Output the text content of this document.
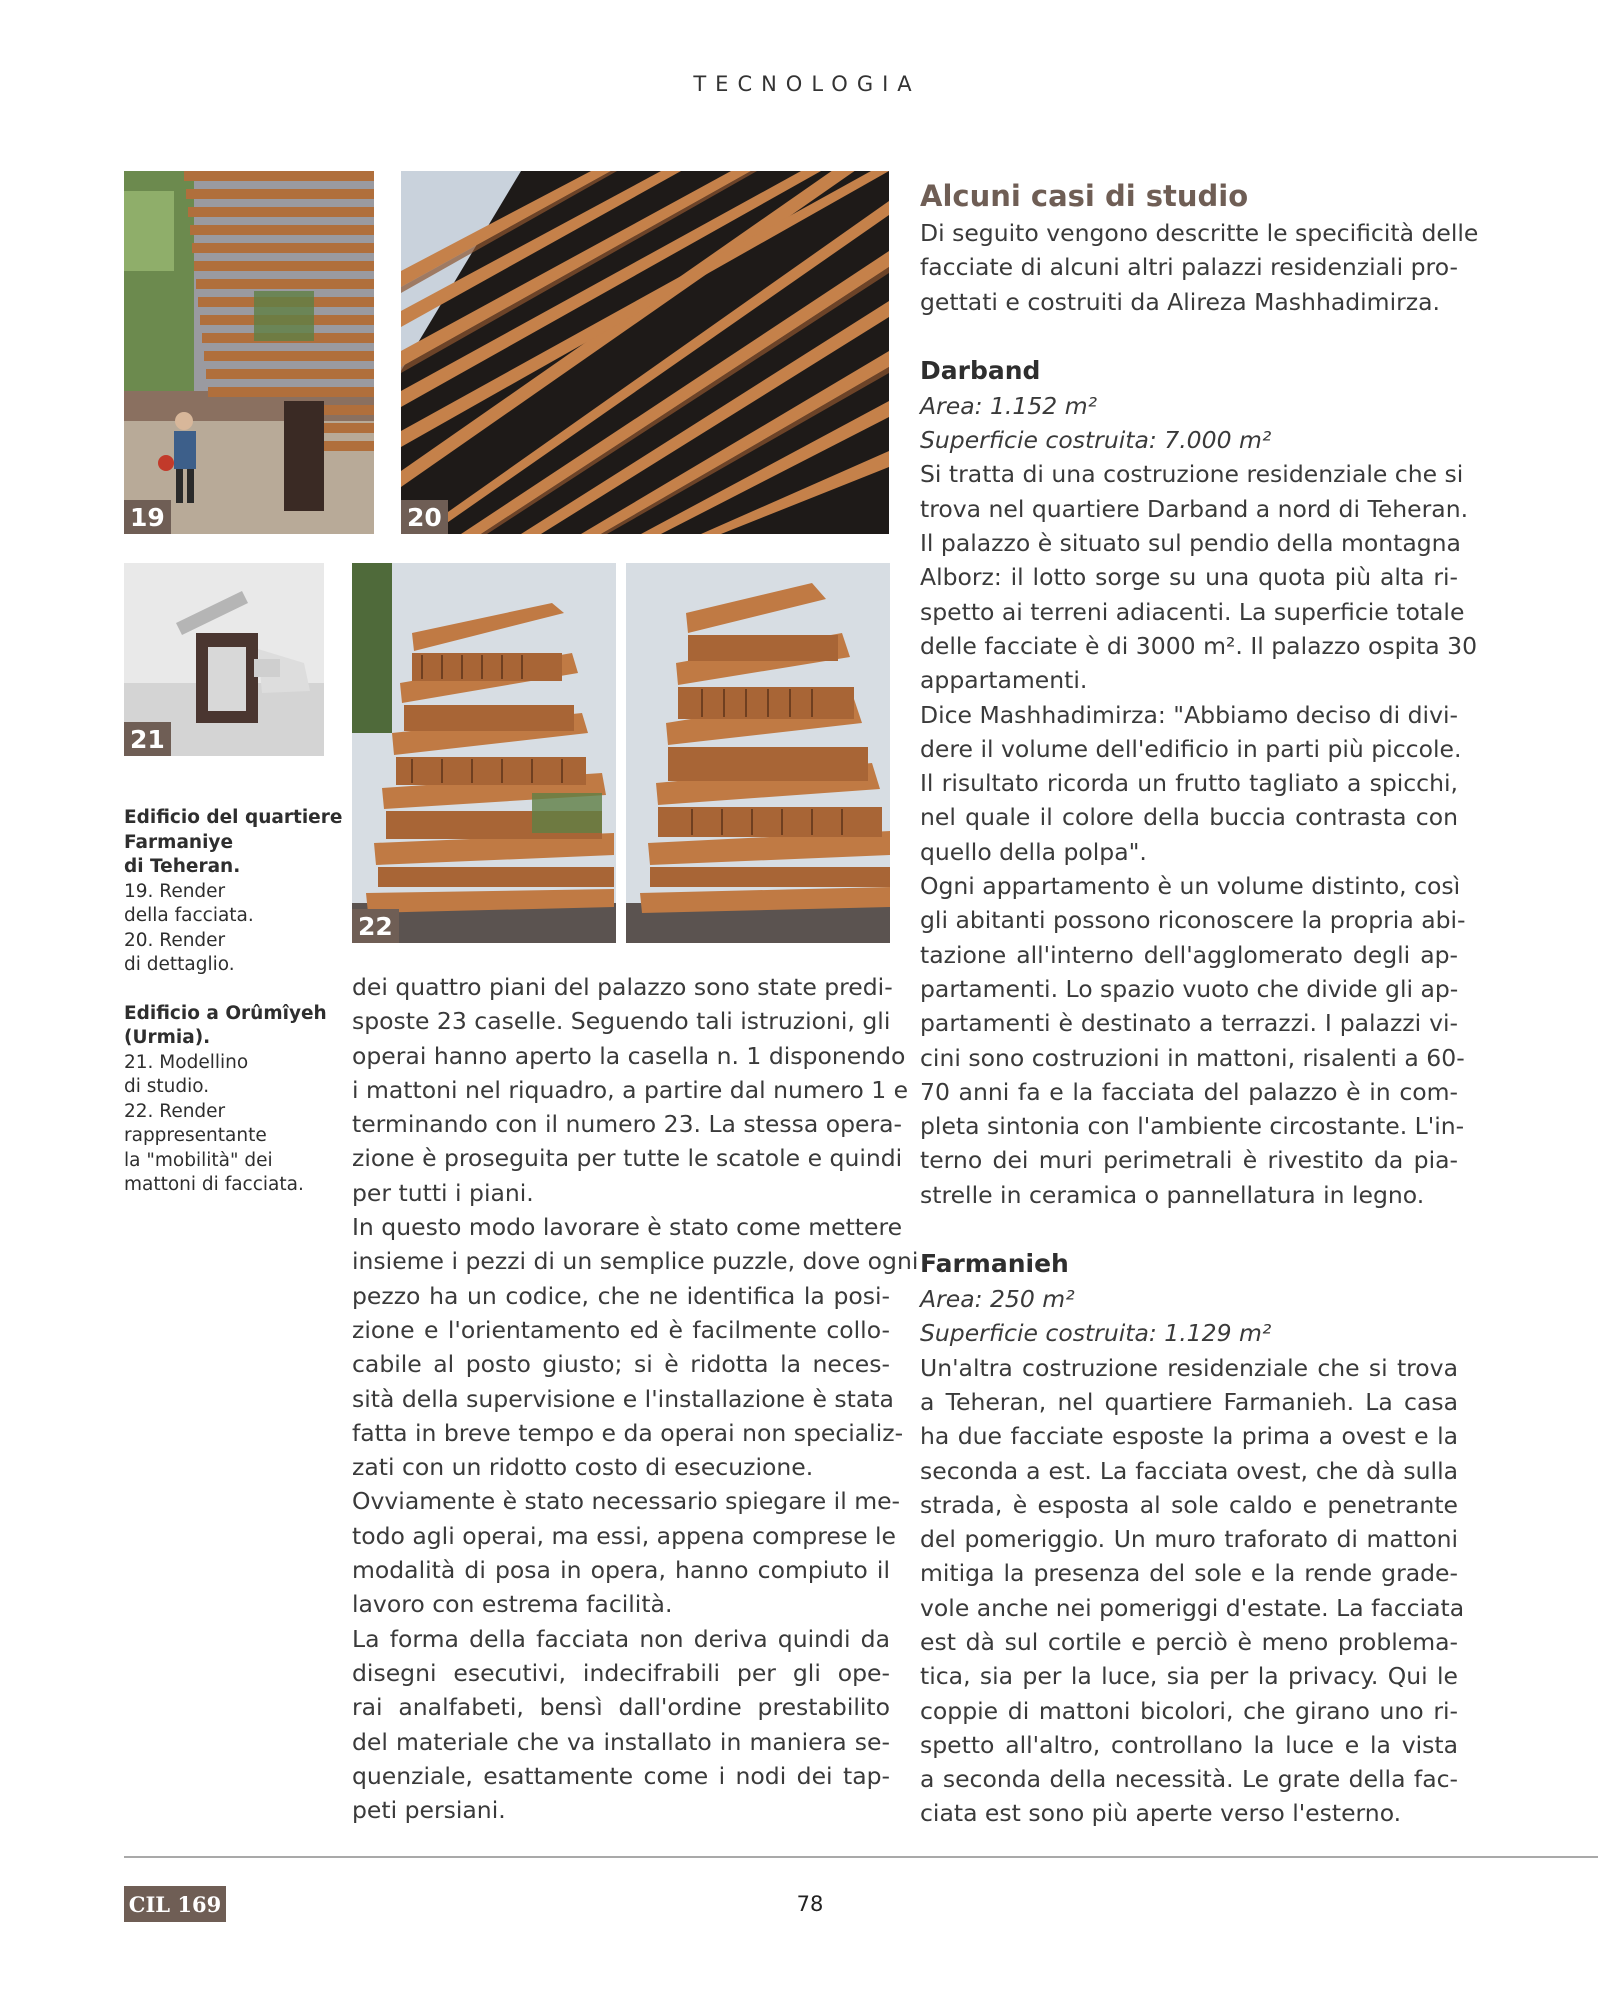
TECNOLOGIA
19	20
21
22
Edificio del quartiere
Farmaniye
di Teheran.
19. Render
della facciata.
20. Render
di dettaglio.
Edificio a Orûmîyeh
(Urmia).
21. Modellino
di studio.
22. Render
rappresentante
la "mobilità" dei
mattoni di facciata.
dei quattro piani del palazzo sono state predi-
sposte 23 caselle. Seguendo tali istruzioni, gli
operai hanno aperto la casella n. 1 disponendo
i mattoni nel riquadro, a partire dal numero 1 e
terminando con il numero 23. La stessa opera-
zione è proseguita per tutte le scatole e quindi
per tutti i piani.
In questo modo lavorare è stato come mettere
insieme i pezzi di un semplice puzzle, dove ogni
pezzo ha un codice, che ne identifica la posi-
zione e l'orientamento ed è facilmente collo-
cabile al posto giusto; si è ridotta la neces-
sità della supervisione e l'installazione è stata
fatta in breve tempo e da operai non specializ-
zati con un ridotto costo di esecuzione.
Ovviamente è stato necessario spiegare il me-
todo agli operai, ma essi, appena comprese le
modalità di posa in opera, hanno compiuto il
lavoro con estrema facilità.
La forma della facciata non deriva quindi da
disegni esecutivi, indecifrabili per gli ope-
rai analfabeti, bensì dall'ordine prestabilito
del materiale che va installato in maniera se-
quenziale, esattamente come i nodi dei tap-
peti persiani.
Alcuni casi di studio
Di seguito vengono descritte le specificità delle
facciate di alcuni altri palazzi residenziali pro-
gettati e costruiti da Alireza Mashhadimirza.
Darband
Area: 1.152 m²
Superficie costruita: 7.000 m²
Si tratta di una costruzione residenziale che si
trova nel quartiere Darband a nord di Teheran.
Il palazzo è situato sul pendio della montagna
Alborz: il lotto sorge su una quota più alta ri-
spetto ai terreni adiacenti. La superficie totale
delle facciate è di 3000 m². Il palazzo ospita 30
appartamenti.
Dice Mashhadimirza: "Abbiamo deciso di divi-
dere il volume dell'edificio in parti più piccole.
Il risultato ricorda un frutto tagliato a spicchi,
nel quale il colore della buccia contrasta con
quello della polpa".
Ogni appartamento è un volume distinto, così
gli abitanti possono riconoscere la propria abi-
tazione all'interno dell'agglomerato degli ap-
partamenti. Lo spazio vuoto che divide gli ap-
partamenti è destinato a terrazzi. I palazzi vi-
cini sono costruzioni in mattoni, risalenti a 60-
70 anni fa e la facciata del palazzo è in com-
pleta sintonia con l'ambiente circostante. L'in-
terno dei muri perimetrali è rivestito da pia-
strelle in ceramica o pannellatura in legno.
Farmanieh
Area: 250 m²
Superficie costruita: 1.129 m²
Un'altra costruzione residenziale che si trova
a Teheran, nel quartiere Farmanieh. La casa
ha due facciate esposte la prima a ovest e la
seconda a est. La facciata ovest, che dà sulla
strada, è esposta al sole caldo e penetrante
del pomeriggio. Un muro traforato di mattoni
mitiga la presenza del sole e la rende grade-
vole anche nei pomeriggi d'estate. La facciata
est dà sul cortile e perciò è meno problema-
tica, sia per la luce, sia per la privacy. Qui le
coppie di mattoni bicolori, che girano uno ri-
spetto all'altro, controllano la luce e la vista
a seconda della necessità. Le grate della fac-
ciata est sono più aperte verso l'esterno.
CIL 169	78
